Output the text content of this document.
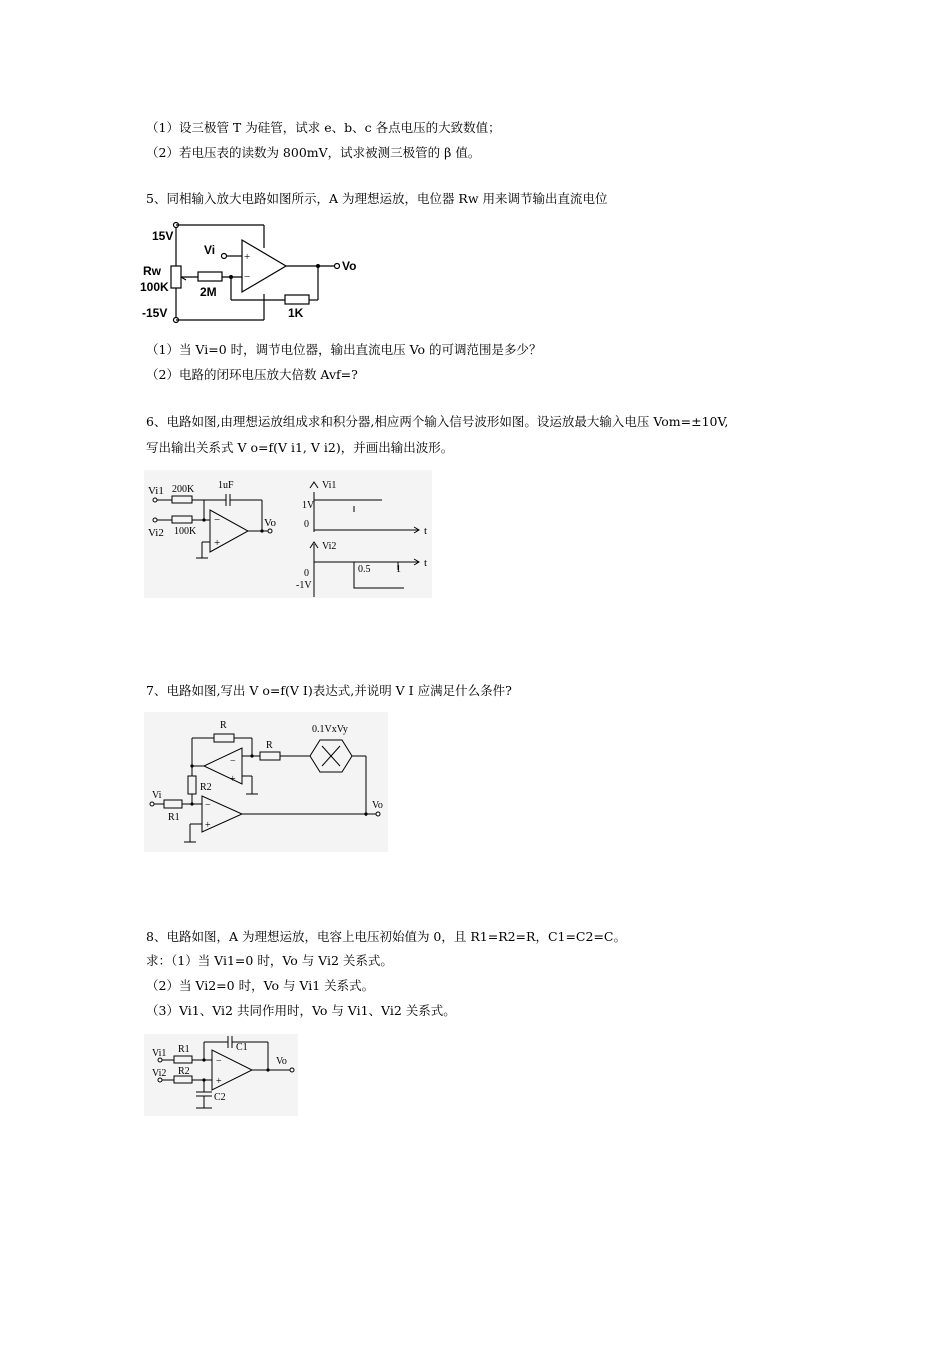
（1）设三极管 T 为硅管，试求 e、b、c 各点电压的大致数值；
（2）若电压表的读数为 800mV，试求被测三极管的 β 值。
5、同相输入放大电路如图所示，A 为理想运放，电位器 Rw 用来调节输出直流电位
15V
Vi	+
−
Vo
Rw
100K	2M
1K
-15V
（1）当 Vi=0 时，调节电位器，输出直流电压 Vo 的可调范围是多少？
（2）电路的闭环电压放大倍数 Avf=?
6、电路如图,由理想运放组成求和积分器,相应两个输入信号波形如图。设运放最大输入电压 Vom=±10V,
写出输出关系式 V o=f(V i1, V i2)，并画出输出波形。
Vi1 200K 1uF
Vi2 100K
−
+
Vo
Vi1
1V
0
t
Vi2
0
-1V
0.5	1
t
7、电路如图,写出 V o=f(V I)表达式,并说明 V I 应满足什么条件?
R
R
0.1VxVy
−
+
R2
Vi
R1
−
+
Vo
8、电路如图，A 为理想运放，电容上电压初始值为 0，且 R1=R2=R，C1=C2=C。
求：（1）当 Vi1=0 时，Vo 与 Vi2 关系式。
（2）当 Vi2=0 时，Vo 与 Vi1 关系式。
（3）Vi1、Vi2 共同作用时，Vo 与 Vi1、Vi2 关系式。
Vi1 R1
Vi2 R2
C1
−
+
C2
Vo
